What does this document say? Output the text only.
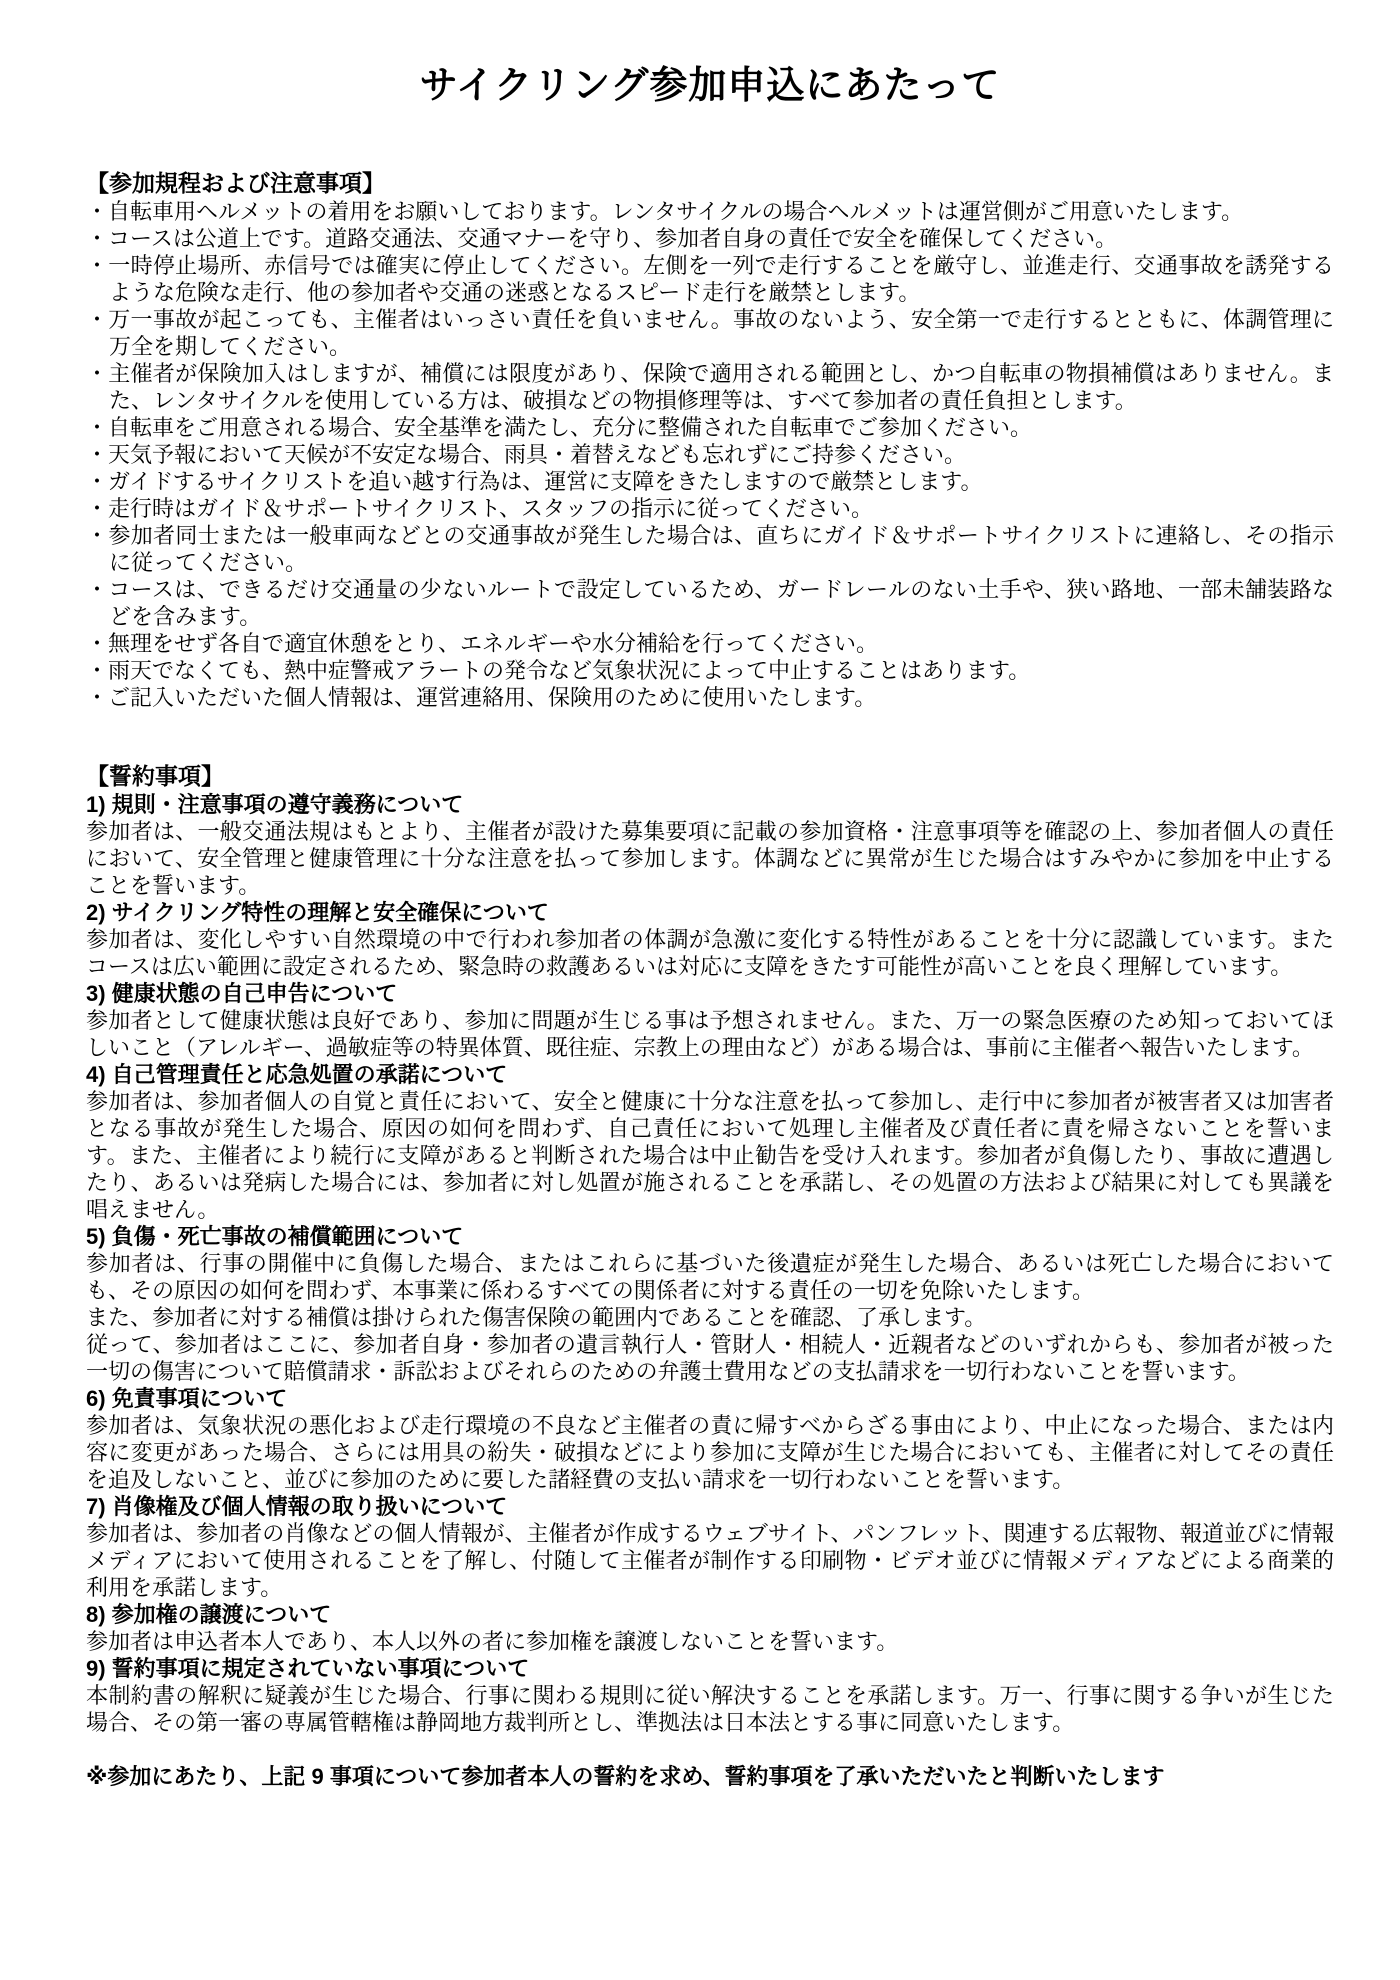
サイクリング参加申込にあたって
【参加規程および注意事項】
・自転車用ヘルメットの着用をお願いしております。レンタサイクルの場合ヘルメットは運営側がご用意いたします。
・コースは公道上です。道路交通法、交通マナーを守り、参加者自身の責任で安全を確保してください。
・一時停止場所、赤信号では確実に停止してください。左側を一列で走行することを厳守し、並進走行、交通事故を誘発するような危険な走行、他の参加者や交通の迷惑となるスピード走行を厳禁とします。
・万一事故が起こっても、主催者はいっさい責任を負いません。事故のないよう、安全第一で走行するとともに、体調管理に万全を期してください。
・主催者が保険加入はしますが、補償には限度があり、保険で適用される範囲とし、かつ自転車の物損補償はありません。また、レンタサイクルを使用している方は、破損などの物損修理等は、すべて参加者の責任負担とします。
・自転車をご用意される場合、安全基準を満たし、充分に整備された自転車でご参加ください。
・天気予報において天候が不安定な場合、雨具・着替えなども忘れずにご持参ください。
・ガイドするサイクリストを追い越す行為は、運営に支障をきたしますので厳禁とします。
・走行時はガイド＆サポートサイクリスト、スタッフの指示に従ってください。
・参加者同士または一般車両などとの交通事故が発生した場合は、直ちにガイド＆サポートサイクリストに連絡し、その指示に従ってください。
・コースは、できるだけ交通量の少ないルートで設定しているため、ガードレールのない土手や、狭い路地、一部未舗装路などを含みます。
・無理をせず各自で適宜休憩をとり、エネルギーや水分補給を行ってください。
・雨天でなくても、熱中症警戒アラートの発令など気象状況によって中止することはあります。
・ご記入いただいた個人情報は、運営連絡用、保険用のために使用いたします。
【誓約事項】
1) 規則・注意事項の遵守義務について

参加者は、一般交通法規はもとより、主催者が設けた募集要項に記載の参加資格・注意事項等を確認の上、参加者個人の責任において、安全管理と健康管理に十分な注意を払って参加します。体調などに異常が生じた場合はすみやかに参加を中止することを誓います。

2) サイクリング特性の理解と安全確保について

参加者は、変化しやすい自然環境の中で行われ参加者の体調が急激に変化する特性があることを十分に認識しています。またコースは広い範囲に設定されるため、緊急時の救護あるいは対応に支障をきたす可能性が高いことを良く理解しています。

3) 健康状態の自己申告について

参加者として健康状態は良好であり、参加に問題が生じる事は予想されません。また、万一の緊急医療のため知っておいてほしいこと（アレルギー、過敏症等の特異体質、既往症、宗教上の理由など）がある場合は、事前に主催者へ報告いたします。

4) 自己管理責任と応急処置の承諾について

参加者は、参加者個人の自覚と責任において、安全と健康に十分な注意を払って参加し、走行中に参加者が被害者又は加害者となる事故が発生した場合、原因の如何を問わず、自己責任において処理し主催者及び責任者に責を帰さないことを誓います。また、主催者により続行に支障があると判断された場合は中止勧告を受け入れます。参加者が負傷したり、事故に遭遇したり、あるいは発病した場合には、参加者に対し処置が施されることを承諾し、その処置の方法および結果に対しても異議を唱えません。

5) 負傷・死亡事故の補償範囲について

参加者は、行事の開催中に負傷した場合、またはこれらに基づいた後遺症が発生した場合、あるいは死亡した場合においても、その原因の如何を問わず、本事業に係わるすべての関係者に対する責任の一切を免除いたします。

また、参加者に対する補償は掛けられた傷害保険の範囲内であることを確認、了承します。

従って、参加者はここに、参加者自身・参加者の遺言執行人・管財人・相続人・近親者などのいずれからも、参加者が被った一切の傷害について賠償請求・訴訟およびそれらのための弁護士費用などの支払請求を一切行わないことを誓います。

6) 免責事項について

参加者は、気象状況の悪化および走行環境の不良など主催者の責に帰すべからざる事由により、中止になった場合、または内容に変更があった場合、さらには用具の紛失・破損などにより参加に支障が生じた場合においても、主催者に対してその責任を追及しないこと、並びに参加のために要した諸経費の支払い請求を一切行わないことを誓います。

7) 肖像権及び個人情報の取り扱いについて

参加者は、参加者の肖像などの個人情報が、主催者が作成するウェブサイト、パンフレット、関連する広報物、報道並びに情報メディアにおいて使用されることを了解し、付随して主催者が制作する印刷物・ビデオ並びに情報メディアなどによる商業的利用を承諾します。

8) 参加権の譲渡について

参加者は申込者本人であり、本人以外の者に参加権を譲渡しないことを誓います。

9) 誓約事項に規定されていない事項について

本制約書の解釈に疑義が生じた場合、行事に関わる規則に従い解決することを承諾します。万一、行事に関する争いが生じた場合、その第一審の専属管轄権は静岡地方裁判所とし、準拠法は日本法とする事に同意いたします。

※参加にあたり、上記 9 事項について参加者本人の誓約を求め、誓約事項を了承いただいたと判断いたします
